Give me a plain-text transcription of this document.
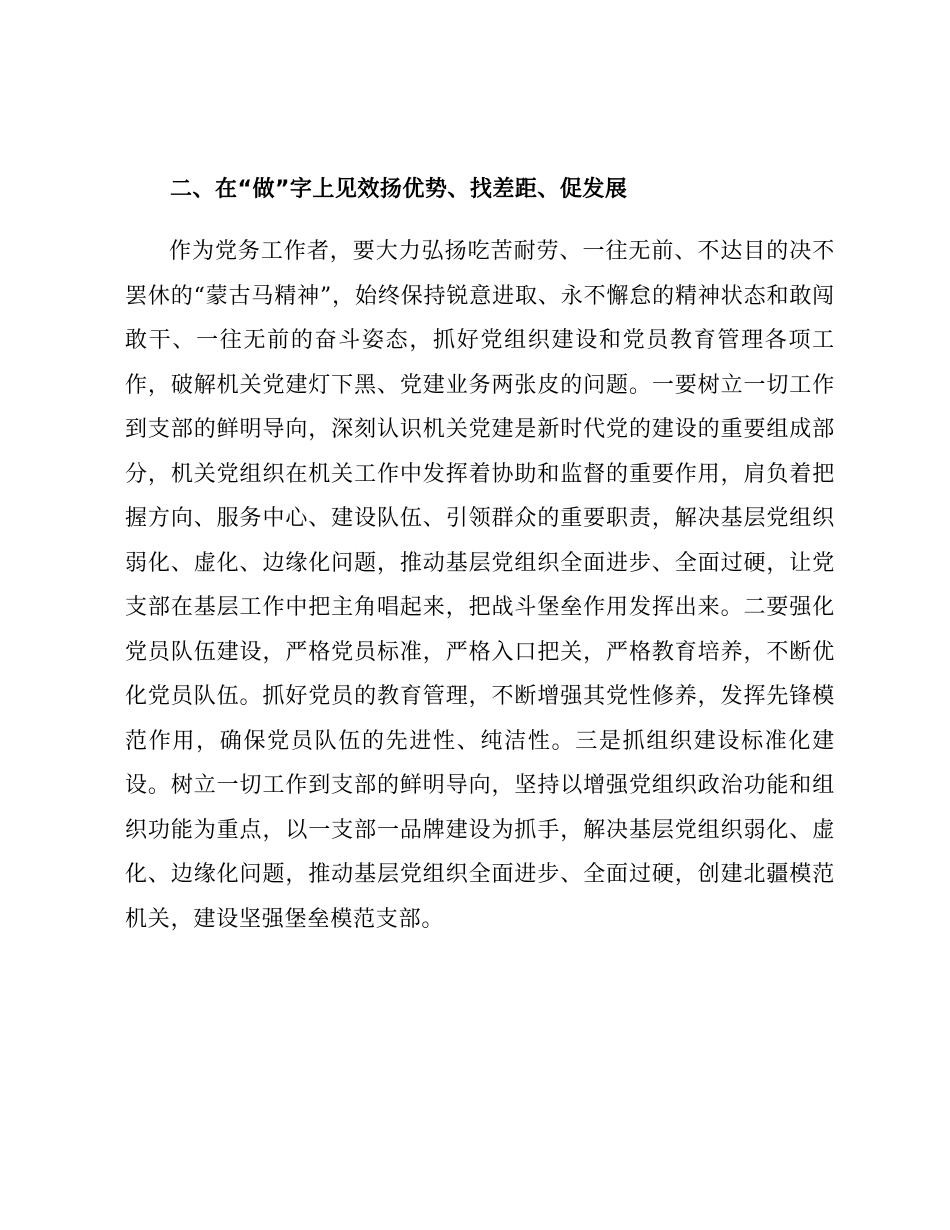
二、在“做”字上见效扬优势、找差距、促发展

作为党务工作者，要大力弘扬吃苦耐劳、一往无前、不达目的决不罢休的“蒙古马精神”，始终保持锐意进取、永不懈怠的精神状态和敢闯敢干、一往无前的奋斗姿态，抓好党组织建设和党员教育管理各项工作，破解机关党建灯下黑、党建业务两张皮的问题。一要树立一切工作到支部的鲜明导向，深刻认识机关党建是新时代党的建设的重要组成部分，机关党组织在机关工作中发挥着协助和监督的重要作用，肩负着把握方向、服务中心、建设队伍、引领群众的重要职责，解决基层党组织弱化、虚化、边缘化问题，推动基层党组织全面进步、全面过硬，让党支部在基层工作中把主角唱起来，把战斗堡垒作用发挥出来。二要强化党员队伍建设，严格党员标准，严格入口把关，严格教育培养，不断优化党员队伍。抓好党员的教育管理，不断增强其党性修养，发挥先锋模范作用，确保党员队伍的先进性、纯洁性。三是抓组织建设标准化建设。树立一切工作到支部的鲜明导向，坚持以增强党组织政治功能和组织功能为重点，以一支部一品牌建设为抓手，解决基层党组织弱化、虚化、边缘化问题，推动基层党组织全面进步、全面过硬，创建北疆模范机关，建设坚强堡垒模范支部。
